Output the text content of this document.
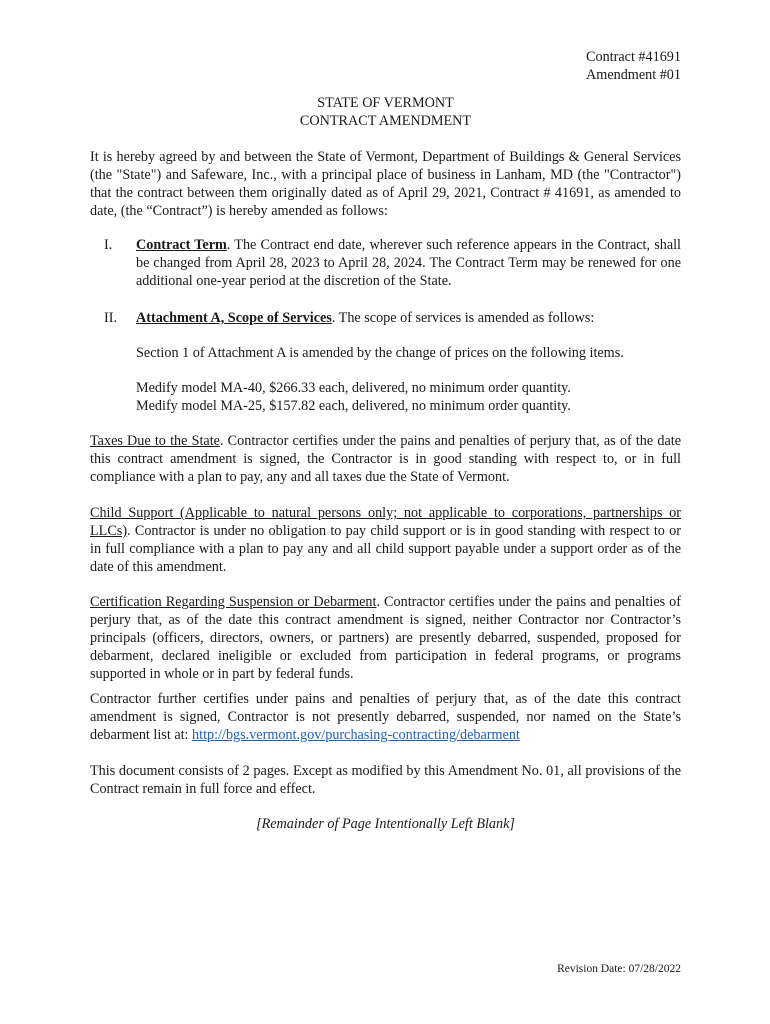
Contract #41691
Amendment #01
STATE OF VERMONT
CONTRACT AMENDMENT

It is hereby agreed by and between the State of Vermont, Department of Buildings & General Services (the "State") and Safeware, Inc., with a principal place of business in Lanham, MD (the "Contractor") that the contract between them originally dated as of April 29, 2021, Contract # 41691, as amended to date, (the “Contract”) is hereby amended as follows:

I. Contract Term. The Contract end date, wherever such reference appears in the Contract, shall be changed from April 28, 2023 to April 28, 2024. The Contract Term may be renewed for one additional one-year period at the discretion of the State.

II. Attachment A, Scope of Services. The scope of services is amended as follows:

Section 1 of Attachment A is amended by the change of prices on the following items.

Medify model MA-40, $266.33 each, delivered, no minimum order quantity.

Medify model MA-25, $157.82 each, delivered, no minimum order quantity.

Taxes Due to the State. Contractor certifies under the pains and penalties of perjury that, as of the date this contract amendment is signed, the Contractor is in good standing with respect to, or in full compliance with a plan to pay, any and all taxes due the State of Vermont.

Child Support (Applicable to natural persons only; not applicable to corporations, partnerships or LLCs). Contractor is under no obligation to pay child support or is in good standing with respect to or in full compliance with a plan to pay any and all child support payable under a support order as of the date of this amendment.

Certification Regarding Suspension or Debarment. Contractor certifies under the pains and penalties of perjury that, as of the date this contract amendment is signed, neither Contractor nor Contractor’s principals (officers, directors, owners, or partners) are presently debarred, suspended, proposed for debarment, declared ineligible or excluded from participation in federal programs, or programs supported in whole or in part by federal funds.

Contractor further certifies under pains and penalties of perjury that, as of the date this contract amendment is signed, Contractor is not presently debarred, suspended, nor named on the State’s debarment list at: http://bgs.vermont.gov/purchasing-contracting/debarment

This document consists of 2 pages. Except as modified by this Amendment No. 01, all provisions of the Contract remain in full force and effect.

[Remainder of Page Intentionally Left Blank]

Revision Date: 07/28/2022
